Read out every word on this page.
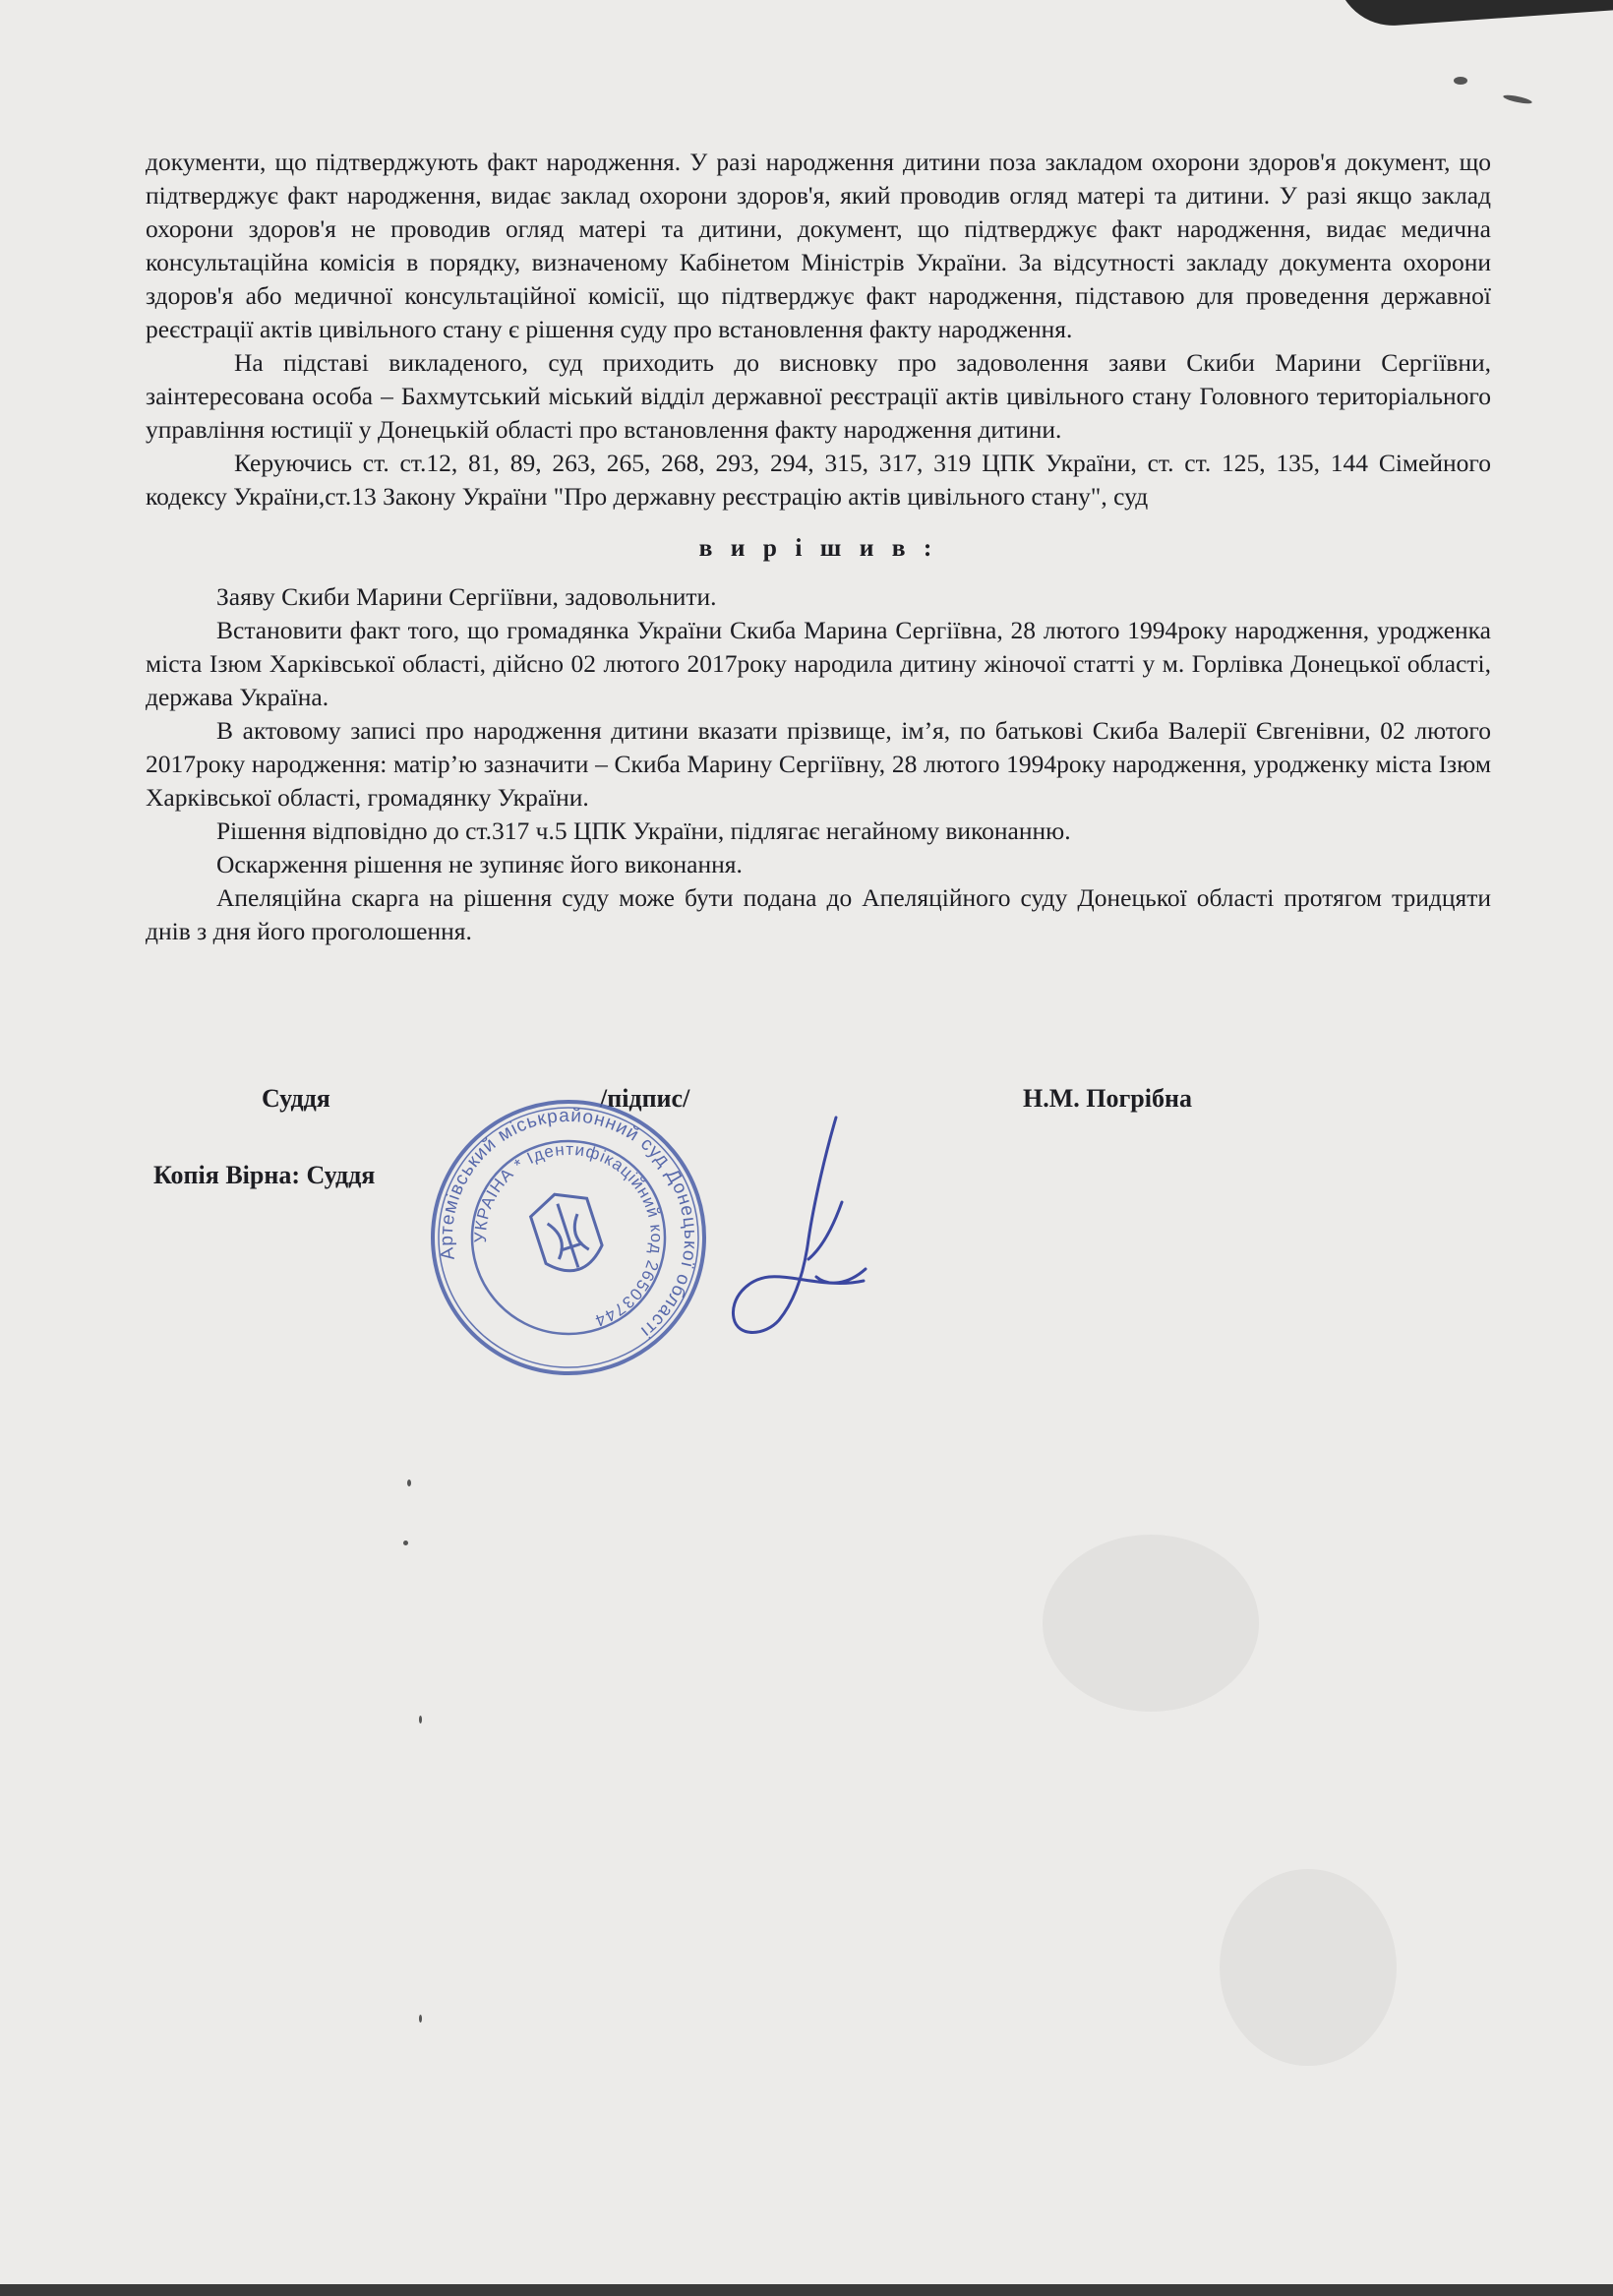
документи, що підтверджують факт народження. У разі народження дитини поза закладом охорони здоров'я документ, що підтверджує факт народження, видає заклад охорони здоров'я, який проводив огляд матері та дитини. У разі якщо заклад охорони здоров'я не проводив огляд матері та дитини, документ, що підтверджує факт народження, видає медична консультаційна комісія в порядку, визначеному Кабінетом Міністрів України. За відсутності закладу документа охорони здоров'я або медичної консультаційної комісії, що підтверджує факт народження, підставою для проведення державної реєстрації актів цивільного стану є рішення суду про встановлення факту народження.

На підставі викладеного, суд приходить до висновку про задоволення заяви Скиби Марини Сергіївни, заінтересована особа – Бахмутський міський відділ державної реєстрації актів цивільного стану Головного територіального управління юстиції у Донецькій області про встановлення факту народження дитини.

Керуючись ст. ст.12, 81, 89, 263, 265, 268, 293, 294, 315, 317, 319 ЦПК України, ст. ст. 125, 135, 144 Сімейного кодексу України,ст.13 Закону України "Про державну реєстрацію актів цивільного стану", суд

в и р і ш и в :

Заяву Скиби Марини Сергіївни, задовольнити.

Встановити факт того, що громадянка України Скиба Марина Сергіївна, 28 лютого 1994року народження, уродженка міста Ізюм Харківської області, дійсно 02 лютого 2017року народила дитину жіночої статті у м. Горлівка Донецької області, держава Україна.

В актовому записі про народження дитини вказати прізвище, ім’я, по батькові Скиба Валерії Євгенівни, 02 лютого 2017року народження: матір’ю зазначити – Скиба Марину Сергіївну, 28 лютого 1994року народження, уродженку міста Ізюм Харківської області, громадянку України.

Рішення відповідно до ст.317 ч.5 ЦПК України, підлягає негайному виконанню.

Оскарження рішення не зупиняє його виконання.

Апеляційна скарга на рішення суду може бути подана до Апеляційного суду Донецької області протягом тридцяти днів з дня його проголошення.

Суддя	/підпис/	Н.М. Погрібна
Копія Вірна: Суддя
Артемівський міськрайонний суд Донецької області
УКРАЇНА * Ідентифікаційний код 26503744
